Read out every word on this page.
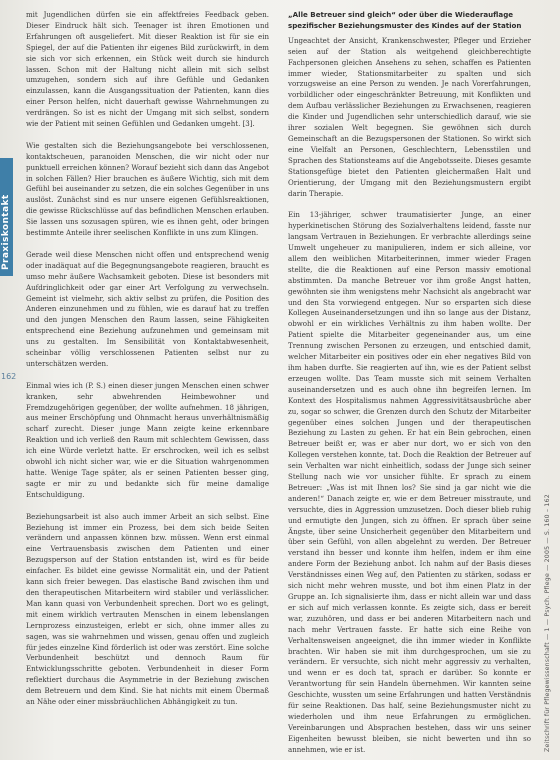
Praxiskontakt
162

mit Jugendlichen dürfen sie ein affektfreies Feedback geben. Dieser Eindruck hält sich. Teenager ist ihren Emotionen und Erfahrungen oft ausgeliefert. Mit dieser Reaktion ist für sie ein Spiegel, der auf die Patienten ihr eigenes Bild zurückwirft, in dem sie sich vor sich erkennen, ein Stück weit durch sie hindurch lassen. Schon mit der Haltung nicht allein mit sich selbst umzugehen, sondern sich auf ihre Gefühle und Gedanken einzulassen, kann die Ausgangssituation der Patienten, kann dies einer Person helfen, nicht dauerhaft gewisse Wahrnehmungen zu verdrängen. So ist es nicht der Umgang mit sich selbst, sondern wie der Patient mit seinen Gefühlen und Gedanken umgeht. [3].

Wie gestalten sich die Beziehungsangebote bei verschlossenen, kontaktscheuen, paranoiden Menschen, die wir nicht oder nur punktuell erreichen können? Worauf bezieht sich dann das Angebot in solchen Fällen? Hier brauchen es äußere Wichtig, sich mit dem Gefühl bei auseinander zu setzen, die ein solches Gegenüber in uns auslöst. Zunächst sind es nur unsere eigenen Gefühlsreaktionen, die gewisse Rückschlüsse auf das befindlichen Menschen erlauben. Sie lassen uns sozusagen spüren, wie es ihnen geht, oder bringen bestimmte Anteile ihrer seelischen Konflikte in uns zum Klingen.

Gerade weil diese Menschen nicht offen und entsprechend wenig oder inadäquat auf die Begegnungsangebote reagieren, braucht es umso mehr äußere Wachsamkeit geboten. Diese ist besonders mit Aufdringlichkeit oder gar einer Art Verfolgung zu verwechseln. Gemeint ist vielmehr, sich aktiv selbst zu prüfen, die Position des Anderen einzunehmen und zu fühlen, wie es darauf hat zu treffen und den jungen Menschen den Raum lassen, seine Fähigkeiten entsprechend eine Beziehung aufzunehmen und gemeinsam mit uns zu gestalten. Im Sensibilität von Kontaktabwesenheit, scheinbar völlig verschlossenen Patienten selbst nur zu unterschätzen werden.

Einmal wies ich (P. S.) einen dieser jungen Menschen einen schwer kranken, sehr abwehrenden Heimbewohner und Fremdzugehörigen gegenüber, der wollte aufnehmen. 18 jährigen, aus meiner Erschöpfung und Ohnmacht heraus unverhältnismäßig scharf zurecht. Dieser junge Mann zeigte keine erkennbare Reaktion und ich verließ den Raum mit schlechtem Gewissen, dass ich eine Würde verletzt hatte. Er erschrocken, weil ich es selbst obwohl ich nicht sicher war, wie er die Situation wahrgenommen hatte. Wenige Tage später, als er seinen Patienten besser ging, sagte er mir zu und bedankte sich für meine damalige Entschuldigung.

Beziehungsarbeit ist also auch immer Arbeit an sich selbst. Eine Beziehung ist immer ein Prozess, bei dem sich beide Seiten verändern und anpassen können bzw. müssen. Wenn erst einmal eine Vertrauensbasis zwischen dem Patienten und einer Bezugsperson auf der Station entstanden ist, wird es für beide einfacher. Es bildet eine gewisse Normalität ein, und der Patient kann sich freier bewegen. Das elastische Band zwischen ihm und den therapeutischen Mitarbeitern wird stabiler und verlässlicher. Man kann quasi von Verbundenheit sprechen. Dort wo es gelingt, mit einem wirklich vertrauten Menschen in einem lebenslangen Lernprozess einzusteigen, erlebt er sich, ohne immer alles zu sagen, was sie wahrnehmen und wissen, genau offen und zugleich für jedes einzelne Kind förderlich ist oder was zerstört. Eine solche Verbundenheit beschützt und dennoch Raum für Entwicklungsschritte geboten. Verbundenheit in dieser Form reflektiert durchaus die Asymmetrie in der Beziehung zwischen dem Betreuern und dem Kind. Sie hat nichts mit einem Übermaß an Nähe oder einer missbräuchlichen Abhängigkeit zu tun.

„Alle Betreuer sind gleich“ oder über die Wiederauflage spezifischer Beziehungsmuster des Kindes auf der Station

Ungeachtet der Ansicht, Krankenschwester, Pfleger und Erzieher seien auf der Station als weitgehend gleichberechtigte Fachpersonen gleichen Ansehens zu sehen, schaffen es Patienten immer wieder, Stationsmitarbeiter zu spalten und sich vorzugsweise an eine Person zu wenden. Je nach Vorerfahrungen, vorbildlicher oder eingeschränkter Betreuung, mit Konflikten und dem Aufbau verlässlicher Beziehungen zu Erwachsenen, reagieren die Kinder und Jugendlichen sehr unterschiedlich darauf, wie sie ihrer sozialen Welt begegnen. Sie gewöhnen sich durch Gemeinschaft an die Bezugspersonen der Stationen. So wirkt sich eine Vielfalt an Personen, Geschlechtern, Lebensstilen und Sprachen des Stationsteams auf die Angebotsseite. Dieses gesamte Stationsgefüge bietet den Patienten gleichermaßen Halt und Orientierung, der Umgang mit den Beziehungsmustern ergibt darin Therapie.

Ein 13-jähriger, schwer traumatisierter Junge, an einer hyperkinetischen Störung des Sozialverhaltens leidend, fasste nur langsam Vertrauen in Beziehungen. Er verbrachte allerdings seine Umwelt ungeheuer zu manipulieren, indem er sich alleine, vor allem den weiblichen Mitarbeiterinnen, immer wieder Fragen stellte, die die Reaktionen auf eine Person massiv emotional abstimmten. Da manche Betreuer vor ihm große Angst hatten, gewöhnten sie ihm wenigstens mehr Nachsicht als angebracht war und den Sta vorwiegend entgegen. Nur so ersparten sich diese Kollegen Auseinandersetzungen und ihn so lange aus der Distanz, obwohl er ein wirkliches Verhältnis zu ihm haben wollte. Der Patient spielte die Mitarbeiter gegeneinander aus, um eine Trennung zwischen Personen zu erzeugen, und entschied damit, welcher Mitarbeiter ein positives oder ein eher negatives Bild von ihm haben durfte. Sie reagierten auf ihn, wie es der Patient selbst erzeugen wollte. Das Team musste sich mit seinem Verhalten auseinandersetzen und es auch ohne ihn begreifen lernen. Im Kontext des Hospitalismus nahmen Aggressivitätsausbrüche aber zu, sogar so schwer, die Grenzen durch den Schutz der Mitarbeiter gegenüber eines solchen Jungen und der therapeutischen Beziehung zu Lasten zu gehen. Er hat ein Bein gebrochen, einen Betreuer beißt er, was er aber nur dort, wo er sich von den Kollegen verstehen konnte, tat. Doch die Reaktion der Betreuer auf sein Verhalten war nicht einheitlich, sodass der Junge sich seiner Stellung nach wie vor unsicher fühlte. Er sprach zu einem Betreuer: „Was ist mit Ihnen los? Sie sind ja gar nicht wie die anderen!“ Danach zeigte er, wie er dem Betreuer misstraute, und versuchte, dies in Aggression umzusetzen. Doch dieser blieb ruhig und ermutigte den Jungen, sich zu öffnen. Er sprach über seine Ängste, über seine Unsicherheit gegenüber den Mitarbeitern und über sein Gefühl, von allen abgelehnt zu werden. Der Betreuer verstand ihn besser und konnte ihm helfen, indem er ihm eine andere Form der Beziehung anbot. Ich nahm auf der Basis dieses Verständnisses einen Weg auf, den Patienten zu stärken, sodass er sich nicht mehr wehren musste, und bot ihm einen Platz in der Gruppe an. Ich signalisierte ihm, dass er nicht allein war und dass er sich auf mich verlassen konnte. Es zeigte sich, dass er bereit war, zuzuhören, und dass er bei anderen Mitarbeitern nach und nach mehr Vertrauen fasste. Er hatte sich eine Reihe von Verhaltensweisen angeeignet, die ihn immer wieder in Konflikte brachten. Wir haben sie mit ihm durchgesprochen, um sie zu verändern. Er versuchte, sich nicht mehr aggressiv zu verhalten, und wenn er es doch tat, sprach er darüber. So konnte er Verantwortung für sein Handeln übernehmen. Wir kannten seine Geschichte, wussten um seine Erfahrungen und hatten Verständnis für seine Reaktionen. Das half, seine Beziehungsmuster nicht zu wiederholen und ihm neue Erfahrungen zu ermöglichen. Vereinbarungen und Absprachen bestehen, dass wir uns seiner Eigenheiten bewusst bleiben, sie nicht bewerten und ihn so annehmen, wie er ist.	Zeitschrift für Pflegewissenschaft — 1 — Psych. Pflege — 2005 — S. 160 – 162
